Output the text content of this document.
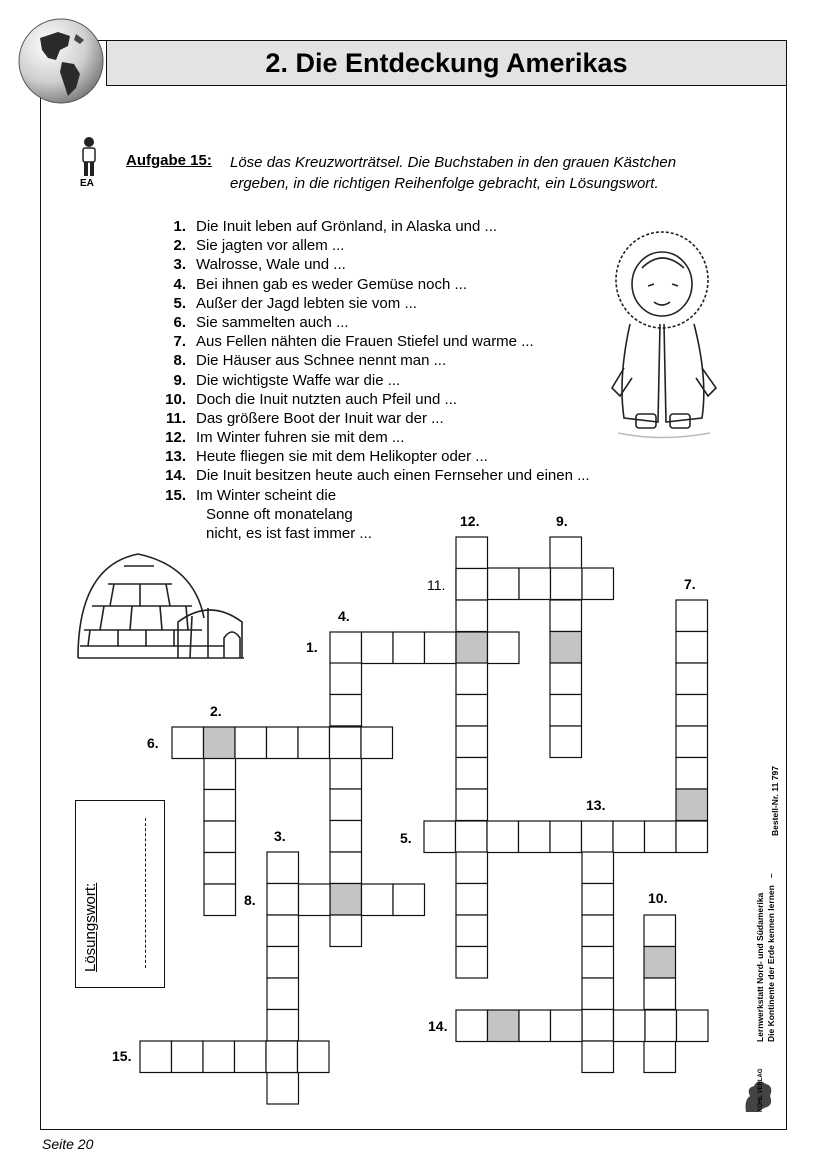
2. Die Entdeckung Amerikas
EA
Aufgabe 15: Löse das Kreuzworträtsel. Die Buchstaben in den grauen Kästchen
ergeben, in die richtigen Reihenfolge gebracht, ein Lösungswort.
1. Die Inuit leben auf Grönland, in Alaska und ...
2. Sie jagten vor allem ...
3. Walrosse, Wale und ...
4. Bei ihnen gab es weder Gemüse noch ...
5. Außer der Jagd lebten sie vom ...
6. Sie sammelten auch ...
7. Aus Fellen nähten die Frauen Stiefel und warme ...
8. Die Häuser aus Schnee nennt man ...
9. Die wichtigste Waffe war die ...
10. Doch die Inuit nutzten auch Pfeil und ...
11. Das größere Boot der Inuit war der ...
12. Im Winter fuhren sie mit dem ...
13. Heute fliegen sie mit dem Helikopter oder ...
14. Die Inuit besitzen heute auch einen Fernseher und einen ...
15. Im Winter scheint die
Sonne oft monatelang
nicht, es ist fast immer ...
1.
2.
3.
4.
5.
6.
7.
8.
9.
10.
11.
12.
13.
14.
15.
Lösungswort:	Lernwerkstatt Nord- und Südamerika Die Kontinente der Erde kennen lernen   –
Bestell-Nr. 11 797
KOHL VERLAG
Seite 20
